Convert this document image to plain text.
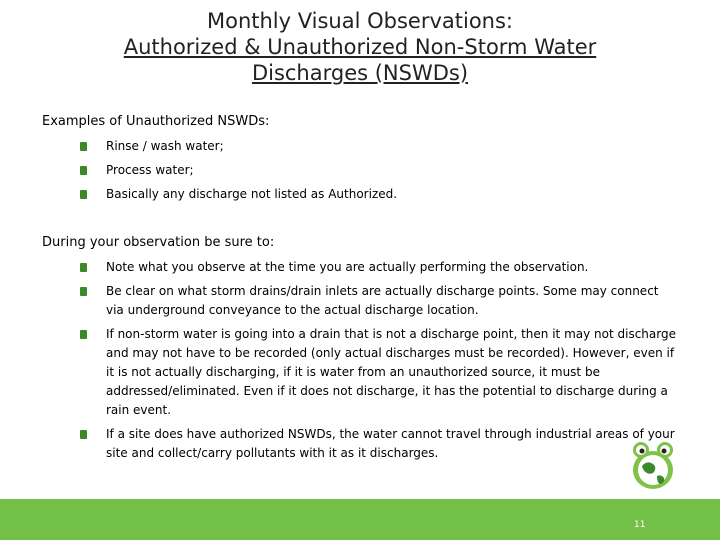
Monthly Visual Observations:
Authorized & Unauthorized Non-Storm Water
Discharges (NSWDs)
Examples of Unauthorized NSWDs:
Rinse / wash water;
Process water;
Basically any discharge not listed as Authorized.
During your observation be sure to:
Note what you observe at the time you are actually performing the observation.
Be clear on what storm drains/drain inlets are actually discharge points. Some may connect via underground conveyance to the actual discharge location.
If non-storm water is going into a drain that is not a discharge point, then it may not discharge and may not have to be recorded (only actual discharges must be recorded). However, even if it is not actually discharging, if it is water from an unauthorized source, it must be addressed/eliminated. Even if it does not discharge, it has the potential to discharge during a rain event.
If a site does have authorized NSWDs, the water cannot travel through industrial areas of your site and collect/carry pollutants with it as it discharges.
11
